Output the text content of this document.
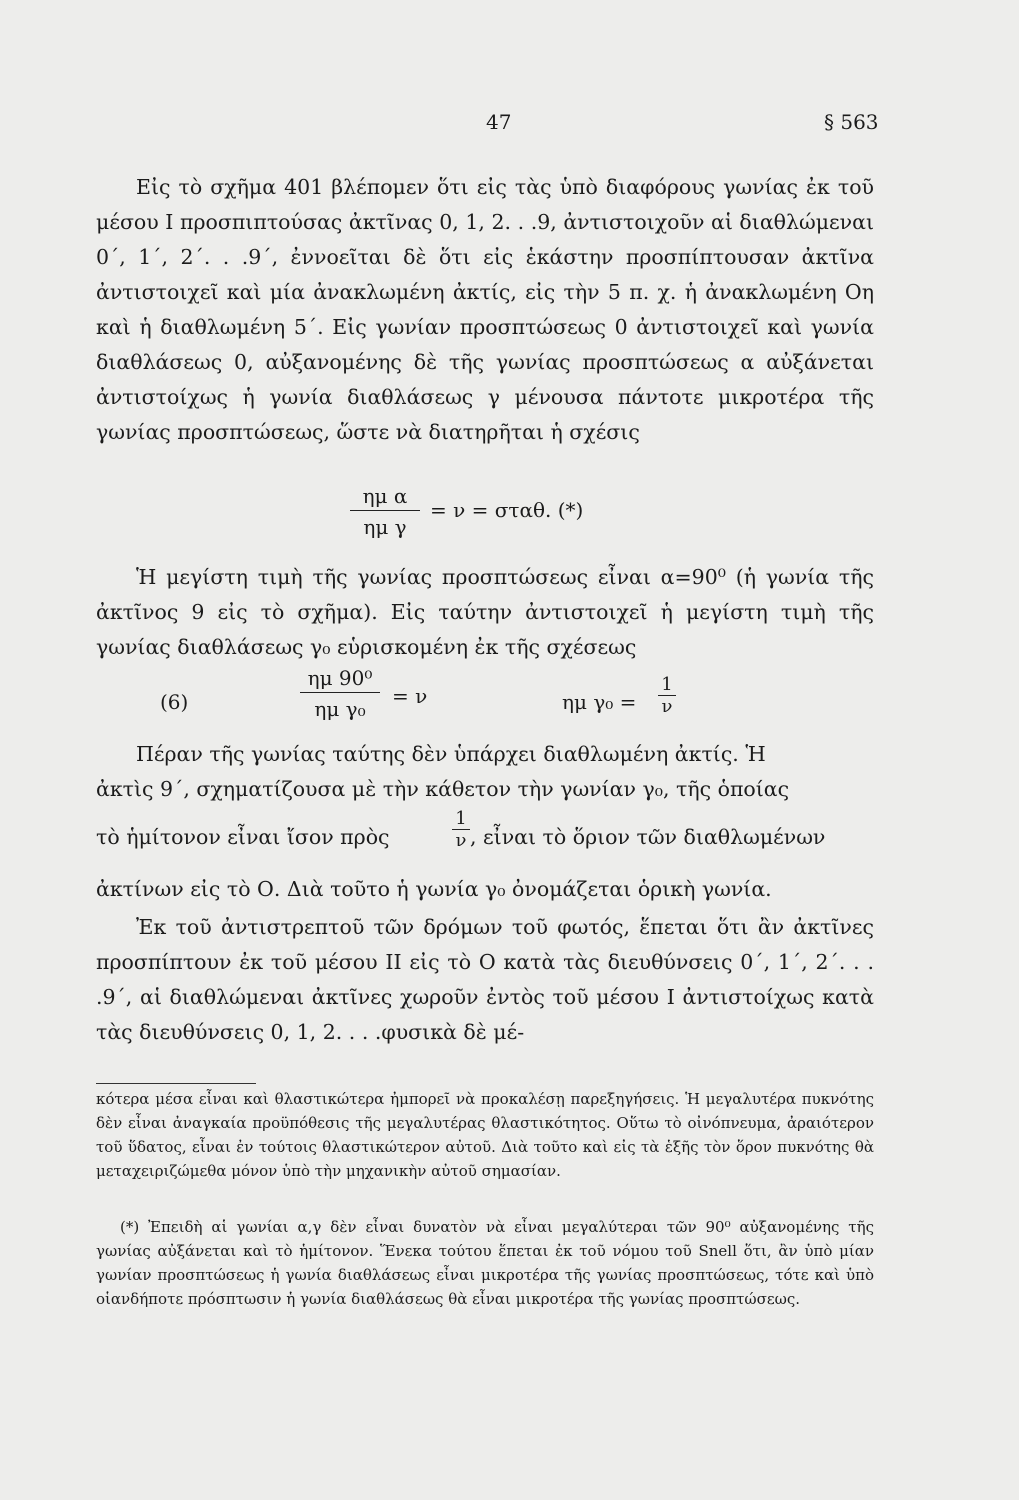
47	§ 563

Εἰς τὸ σχῆμα 401 βλέπομεν ὅτι εἰς τὰς ὑπὸ διαφόρους γωνίας ἐκ τοῦ μέσου Ι προσπιπτούσας ἀκτῖνας 0, 1, 2. . .9, ἀντιστοιχοῦν αἱ διαθλώμεναι 0΄, 1΄, 2΄. . .9΄, ἐννοεῖται δὲ ὅτι εἰς ἑκάστην προσπίπτουσαν ἀκτῖνα ἀντιστοιχεῖ καὶ μία ἀνακλωμένη ἀκτίς, εἰς τὴν 5 π. χ. ἡ ἀνακλωμένη Οη καὶ ἡ διαθλωμένη 5΄. Εἰς γωνίαν προσπτώσεως 0 ἀντιστοιχεῖ καὶ γωνία διαθλάσεως 0, αὐξανομένης δὲ τῆς γωνίας προσπτώσεως α αὐξάνεται ἀντιστοίχως ἡ γωνία διαθλάσεως γ μένουσα πάντοτε μικροτέρα τῆς γωνίας προσπτώσεως, ὥστε νὰ διατηρῆται ἡ σχέσις

$\frac{\text{ημ α}}{\text{ημ γ}} = \nu = \sigma\tau\alpha\theta$. (*)

Ἡ μεγίστη τιμὴ τῆς γωνίας προσπτώσεως εἶναι α=90⁰ (ἡ γωνία τῆς ἀκτῖνος 9 εἰς τὸ σχῆμα). Εἰς ταύτην ἀντιστοιχεῖ ἡ μεγίστη τιμὴ τῆς γωνίας διαθλάσεως γ₀ εὑρισκομένη ἐκ τῆς σχέσεως

(6)	$\frac{\text{ημ 90⁰}}{\text{ημ γ₀}} = \nu$	ημ $\gamma_0 = \frac{1}{\nu}$
Πέραν τῆς γωνίας ταύτης δὲν ὑπάρχει διαθλωμένη ἀκτίς. Ἡ
ἀκτὶς 9΄, σχηματίζουσα μὲ τὴν κάθετον τὴν γωνίαν γ₀, τῆς ὁποίας
τὸ ἡμίτονον εἶναι ἴσον πρὸς	$\frac{1}{\nu}$ , εἶναι τὸ ὅριον τῶν διαθλωμένων
ἀκτίνων εἰς τὸ Ο. Διὰ τοῦτο ἡ γωνία γ₀ ὀνομάζεται ὁρικὴ γωνία.

Ἐκ τοῦ ἀντιστρεπτοῦ τῶν δρόμων τοῦ φωτός, ἕπεται ὅτι ἂν ἀκτῖνες προσπίπτουν ἐκ τοῦ μέσου ΙΙ εἰς τὸ Ο κατὰ τὰς διευθύνσεις 0΄, 1΄, 2΄. . . .9΄, αἱ διαθλώμεναι ἀκτῖνες χωροῦν ἐντὸς τοῦ μέσου Ι ἀντιστοίχως κατὰ τὰς διευθύνσεις 0, 1, 2. . . .φυσικὰ δὲ μέ-

κότερα μέσα εἶναι καὶ θλαστικώτερα ἠμπορεῖ νὰ προκαλέσῃ παρεξηγήσεις. Ἡ μεγαλυτέρα πυκνότης δὲν εἶναι ἀναγκαία προϋπόθεσις τῆς μεγαλυτέρας θλαστικότητος. Οὕτω τὸ οἰνόπνευμα, ἀραιότερον τοῦ ὕδατος, εἶναι ἐν τούτοις θλαστικώτερον αὐτοῦ. Διὰ τοῦτο καὶ εἰς τὰ ἑξῆς τὸν ὅρον πυκνότης θὰ μεταχειριζώμεθα μόνον ὑπὸ τὴν μηχανικὴν αὐτοῦ σημασίαν.

(*) Ἐπειδὴ αἱ γωνίαι α,γ δὲν εἶναι δυνατὸν νὰ εἶναι μεγαλύτεραι τῶν 90⁰ αὐξανομένης τῆς γωνίας αὐξάνεται καὶ τὸ ἡμίτονον. Ἕνεκα τούτου ἕπεται ἐκ τοῦ νόμου τοῦ Snell ὅτι, ἂν ὑπὸ μίαν γωνίαν προσπτώσεως ἡ γωνία διαθλάσεως εἶναι μικροτέρα τῆς γωνίας προσπτώσεως, τότε καὶ ὑπὸ οἱανδήποτε πρόσπτωσιν ἡ γωνία διαθλάσεως θὰ εἶναι μικροτέρα τῆς γωνίας προσπτώσεως.
